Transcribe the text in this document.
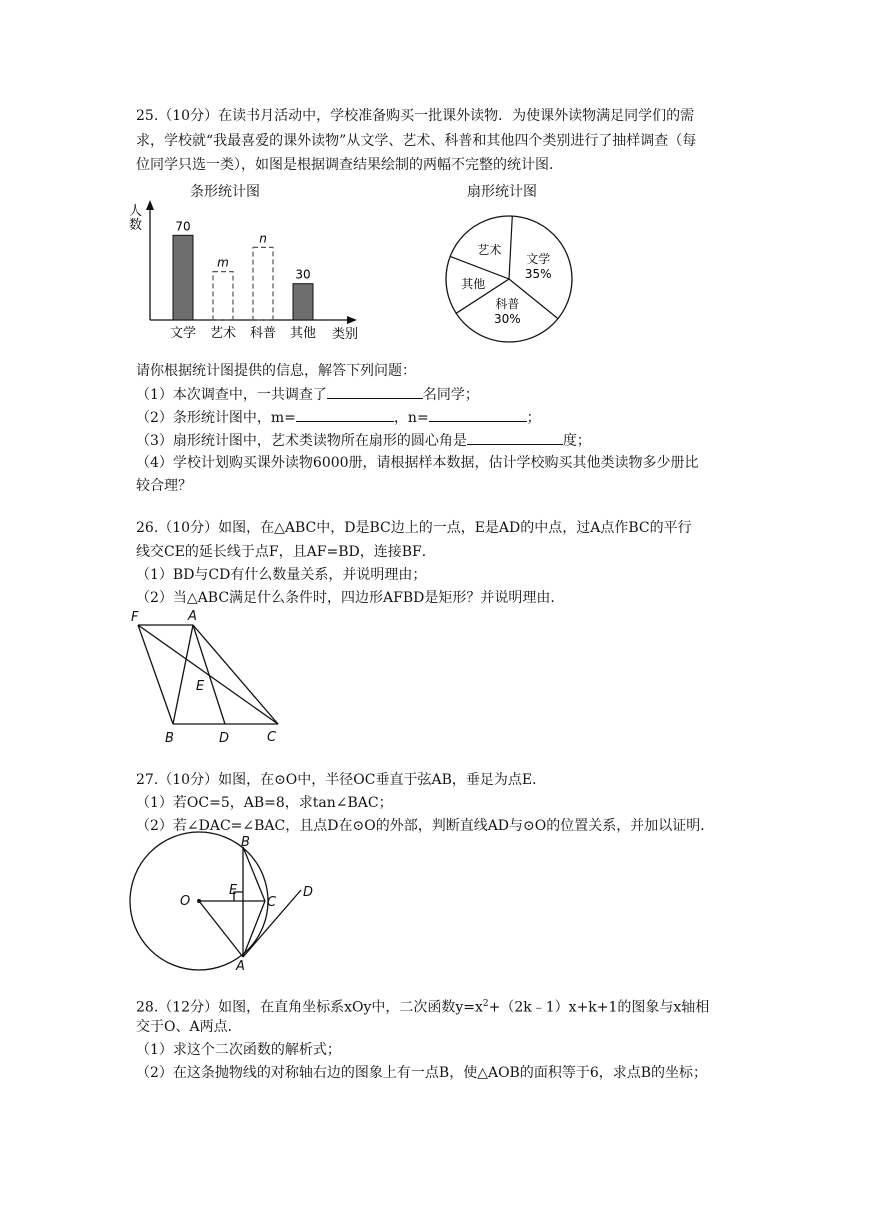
25.（10分）在读书月活动中，学校准备购买一批课外读物．为使课外读物满足同学们的需
求，学校就“我最喜爱的课外读物”从文学、艺术、科普和其他四个类别进行了抽样调查（每
位同学只选一类），如图是根据调查结果绘制的两幅不完整的统计图．
条形统计图
人
数
类别
70
文学
m
艺术
n
科普
30
其他
扇形统计图
文学
35%
科普
30%
其他
艺术
请你根据统计图提供的信息，解答下列问题：
（1）本次调查中，一共调查了	名同学；
（2）条形统计图中，m=	，n=	；
（3）扇形统计图中，艺术类读物所在扇形的圆心角是	度；
（4）学校计划购买课外读物6000册，请根据样本数据，估计学校购买其他类读物多少册比
较合理？
26.（10分）如图，在△ABC中，D是BC边上的一点，E是AD的中点，过A点作BC的平行
线交CE的延长线于点F，且AF=BD，连接BF．
（1）BD与CD有什么数量关系，并说明理由；
（2）当△ABC满足什么条件时，四边形AFBD是矩形？并说明理由．
F	A
E
B	D	C
27.（10分）如图，在⊙O中，半径OC垂直于弦AB，垂足为点E．
（1）若OC=5，AB=8，求tan∠BAC；
（2）若∠DAC=∠BAC，且点D在⊙O的外部，判断直线AD与⊙O的位置关系，并加以证明．
O
B
E
C
D
A
28.（12分）如图，在直角坐标系xOy中，二次函数$y=x^2+(2k﹣1)x+k+1$的图象与x轴相
交于O、A两点．
（1）求这个二次函数的解析式；
（2）在这条抛物线的对称轴右边的图象上有一点B，使△AOB的面积等于6，求点B的坐标；
